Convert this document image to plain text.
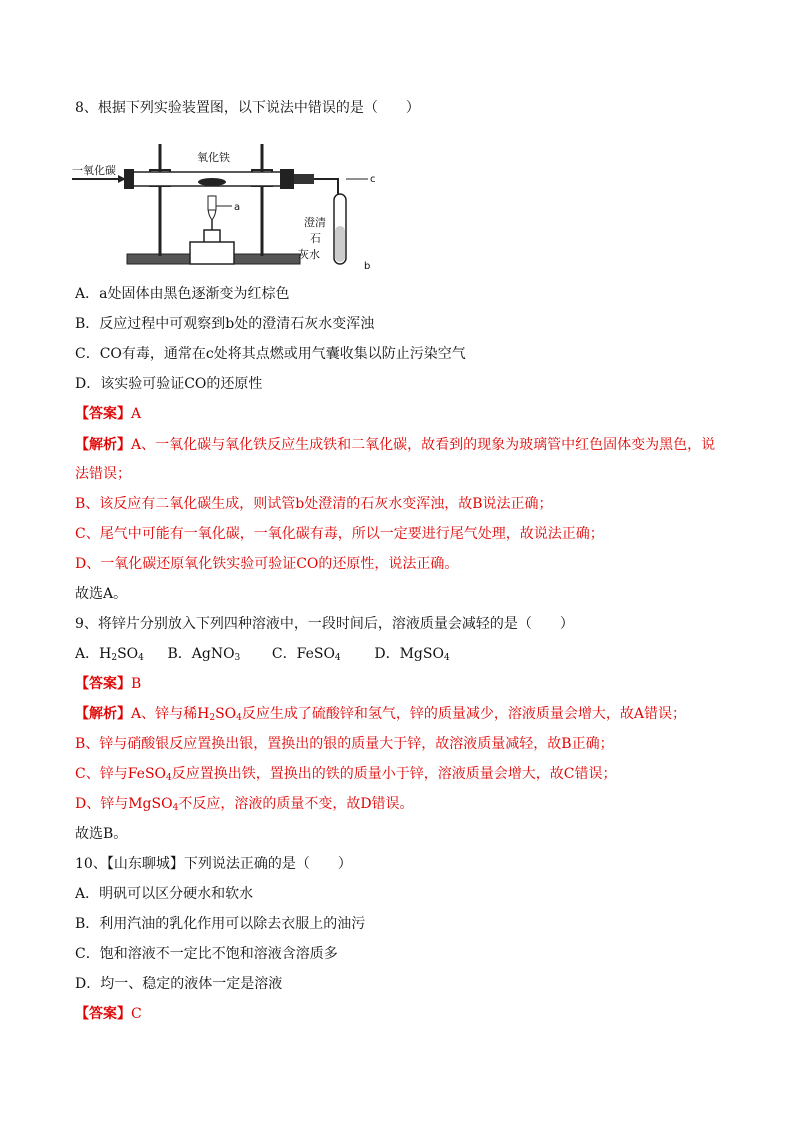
8、根据下列实验装置图，以下说法中错误的是（　　）
一氧化碳
氧化铁
a
b
c
澄清
石
灰水
A．a处固体由黑色逐渐变为红棕色
B．反应过程中可观察到b处的澄清石灰水变浑浊
C．CO有毒，通常在c处将其点燃或用气囊收集以防止污染空气
D．该实验可验证CO的还原性
【答案】A
【解析】A、一氧化碳与氧化铁反应生成铁和二氧化碳，故看到的现象为玻璃管中红色固体变为黑色，说
法错误；
B、该反应有二氧化碳生成，则试管b处澄清的石灰水变浑浊，故B说法正确；
C、尾气中可能有一氧化碳，一氧化碳有毒，所以一定要进行尾气处理，故说法正确；
D、一氧化碳还原氧化铁实验可验证CO的还原性，说法正确。
故选A。
9、将锌片分别放入下列四种溶液中，一段时间后，溶液质量会减轻的是（　　）
A．$H_2SO_4$ B．AgNO$_3$ C．FeSO$_4$ D．MgSO$_4$
【答案】B
【解析】A、锌与稀$H_2SO_4$反应生成了硫酸锌和氢气，锌的质量减少，溶液质量会增大，故A错误；
B、锌与硝酸银反应置换出银，置换出的银的质量大于锌，故溶液质量减轻，故B正确；
C、锌与FeSO$_4$反应置换出铁，置换出的铁的质量小于锌，溶液质量会增大，故C错误；
D、锌与MgSO$_4$不反应，溶液的质量不变，故D错误。
故选B。
10、【山东聊城】下列说法正确的是（　　）
A．明矾可以区分硬水和软水
B．利用汽油的乳化作用可以除去衣服上的油污
C．饱和溶液不一定比不饱和溶液含溶质多
D．均一、稳定的液体一定是溶液
【答案】C
